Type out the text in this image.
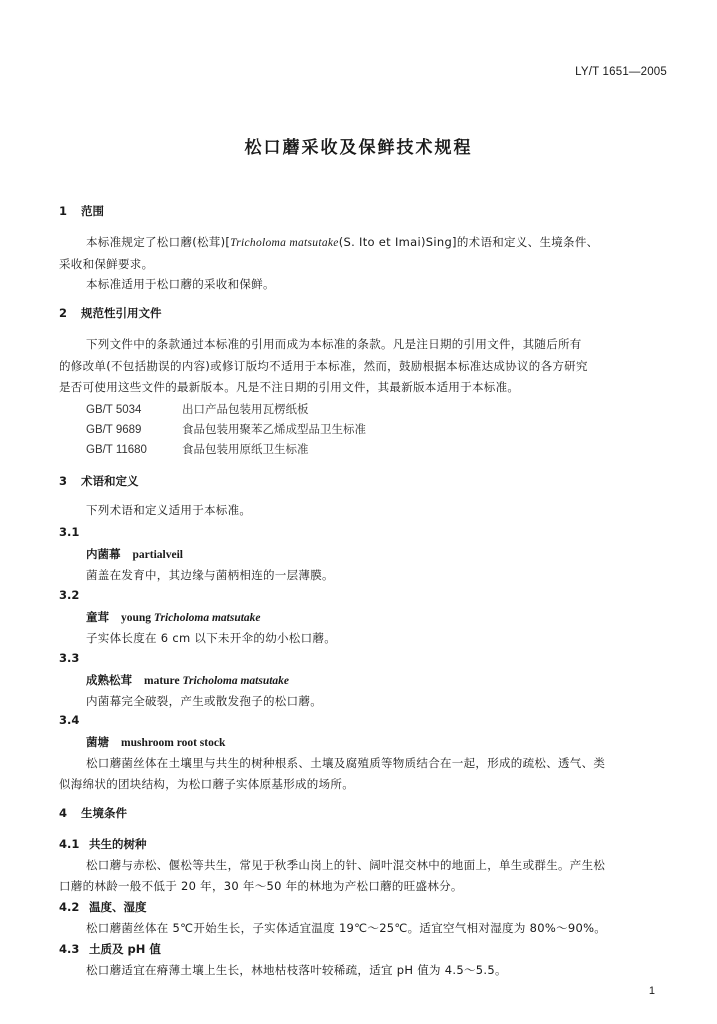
LY/T 1651—2005
松口蘑采收及保鲜技术规程
1 范围
本标准规定了松口蘑(松茸)[Tricholoma matsutake(S. Ito et Imai)Sing]的术语和定义、生境条件、
采收和保鲜要求。
本标准适用于松口蘑的采收和保鲜。
2 规范性引用文件
下列文件中的条款通过本标准的引用而成为本标准的条款。凡是注日期的引用文件，其随后所有
的修改单(不包括勘误的内容)或修订版均不适用于本标准，然而，鼓励根据本标准达成协议的各方研究
是否可使用这些文件的最新版本。凡是不注日期的引用文件，其最新版本适用于本标准。
GB/T 5034	出口产品包装用瓦楞纸板
GB/T 9689	食品包装用聚苯乙烯成型品卫生标准
GB/T 11680	食品包装用原纸卫生标准
3 术语和定义
下列术语和定义适用于本标准。
3.1
内菌幕 partialveil
菌盖在发育中，其边缘与菌柄相连的一层薄膜。
3.2
童茸 young Tricholoma matsutake
子实体长度在 6 cm 以下未开伞的幼小松口蘑。
3.3
成熟松茸 mature Tricholoma matsutake
内菌幕完全破裂，产生或散发孢子的松口蘑。
3.4
菌塘 mushroom root stock
松口蘑菌丝体在土壤里与共生的树种根系、土壤及腐殖质等物质结合在一起，形成的疏松、透气、类
似海绵状的团块结构，为松口蘑子实体原基形成的场所。
4 生境条件
4.1 共生的树种
松口蘑与赤松、偃松等共生，常见于秋季山岗上的针、阔叶混交林中的地面上，单生或群生。产生松
口蘑的林龄一般不低于 20 年，30 年～50 年的林地为产松口蘑的旺盛林分。
4.2 温度、湿度
松口蘑菌丝体在 5℃开始生长，子实体适宜温度 19℃～25℃。适宜空气相对湿度为 80%～90%。
4.3 土质及 pH 值
松口蘑适宜在瘠薄土壤上生长，林地枯枝落叶较稀疏，适宜 pH 值为 4.5～5.5。
1
